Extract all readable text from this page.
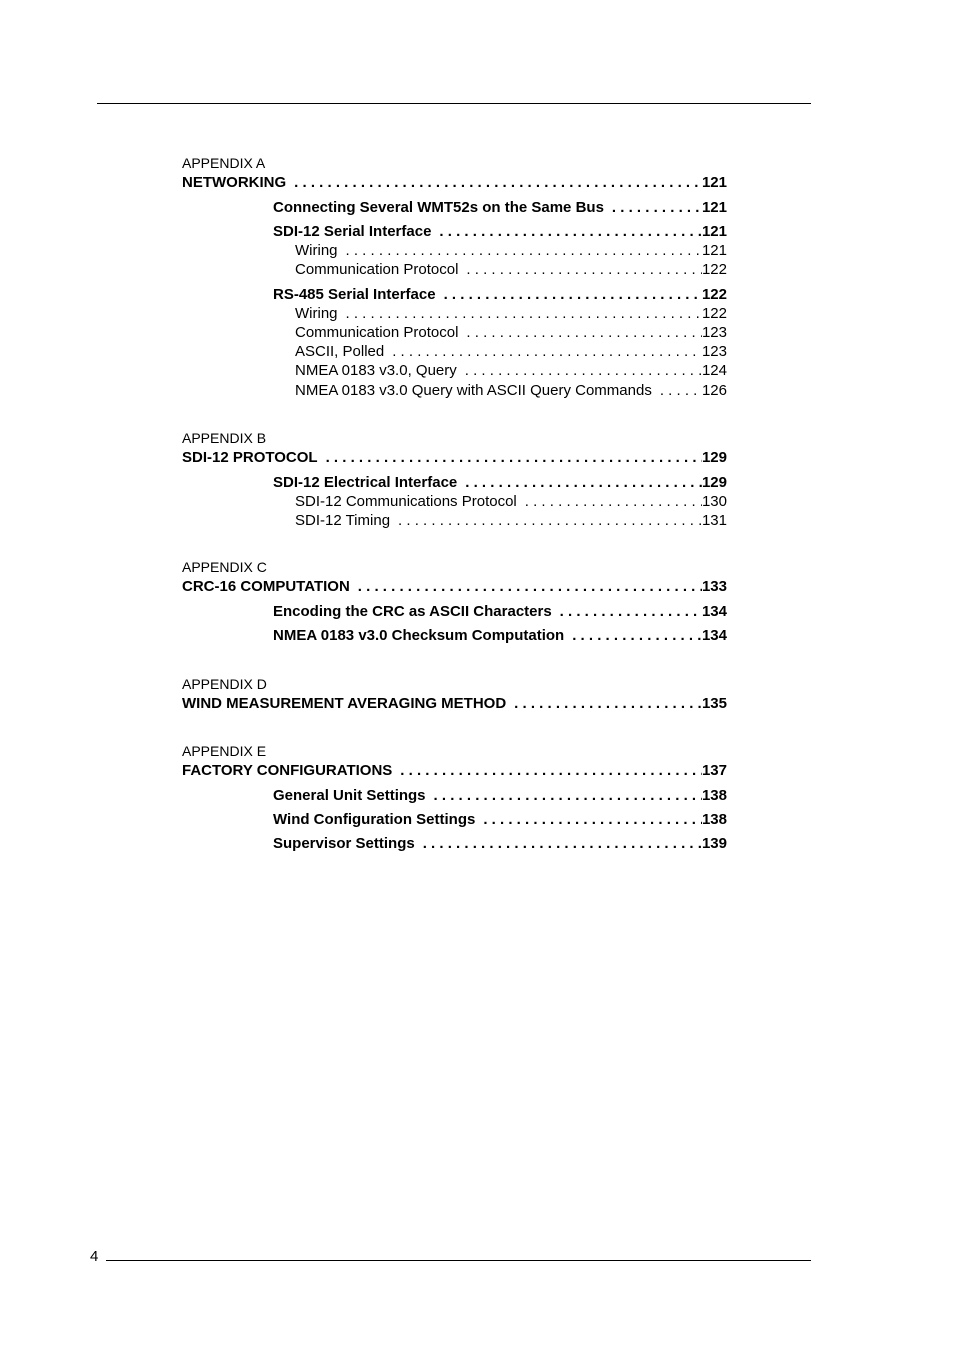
APPENDIX A
NETWORKING . . .	121
Connecting Several WMT52s on the Same Bus . . .	121
SDI-12 Serial Interface . . .	121
Wiring . . .	121
Communication Protocol . . .	122
RS-485 Serial Interface . . .	122
Wiring . . .	122
Communication Protocol . . .	123
ASCII, Polled . . .	123
NMEA 0183 v3.0, Query . . .	124
NMEA 0183 v3.0 Query with ASCII Query Commands . . .	126
APPENDIX B
SDI-12 PROTOCOL . . .	129
SDI-12 Electrical Interface . . .	129
SDI-12 Communications Protocol . . .	130
SDI-12 Timing . . .	131
APPENDIX C
CRC-16 COMPUTATION . . .	133
Encoding the CRC as ASCII Characters . . .	134
NMEA 0183 v3.0 Checksum Computation . . .	134
APPENDIX D
WIND MEASUREMENT AVERAGING METHOD . . .	135
APPENDIX E
FACTORY CONFIGURATIONS . . .	137
General Unit Settings . . .	138
Wind Configuration Settings . . .	138
Supervisor Settings . . .	139
4
